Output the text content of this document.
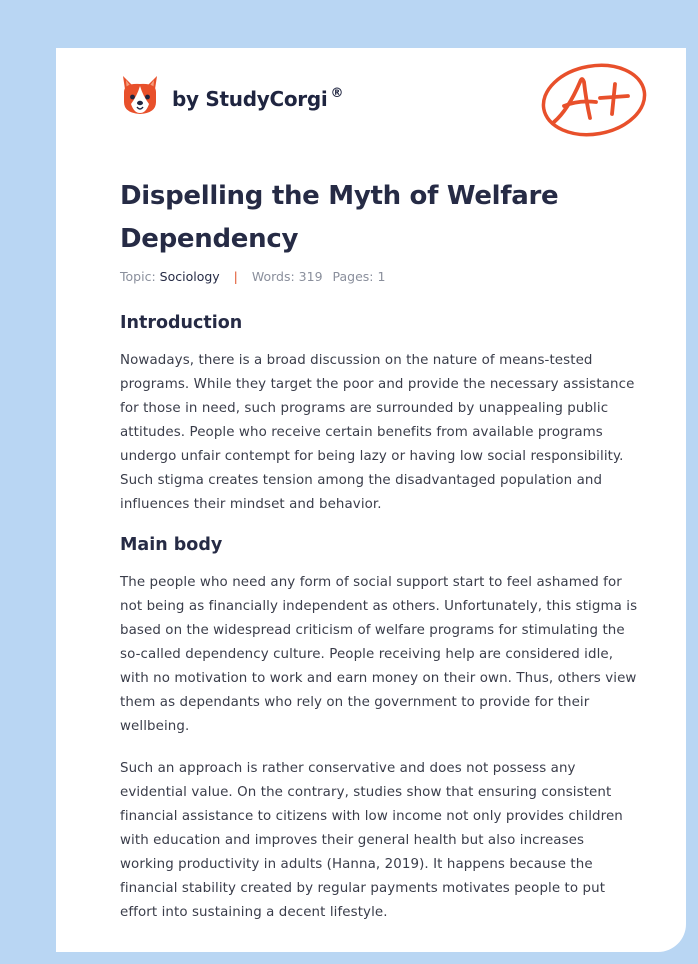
by StudyCorgi ®
Dispelling the Myth of Welfare Dependency
Topic: Sociology | Words: 319 Pages: 1
Introduction

Nowadays, there is a broad discussion on the nature of means-tested programs. While they target the poor and provide the necessary assistance for those in need, such programs are surrounded by unappealing public attitudes. People who receive certain benefits from available programs undergo unfair contempt for being lazy or having low social responsibility. Such stigma creates tension among the disadvantaged population and influences their mindset and behavior.

Main body

The people who need any form of social support start to feel ashamed for not being as financially independent as others. Unfortunately, this stigma is based on the widespread criticism of welfare programs for stimulating the so-called dependency culture. People receiving help are considered idle, with no motivation to work and earn money on their own. Thus, others view them as dependants who rely on the government to provide for their wellbeing.

Such an approach is rather conservative and does not possess any evidential value. On the contrary, studies show that ensuring consistent financial assistance to citizens with low income not only provides children with education and improves their general health but also increases working productivity in adults (Hanna, 2019). It happens because the financial stability created by regular payments motivates people to put effort into sustaining a decent lifestyle.
